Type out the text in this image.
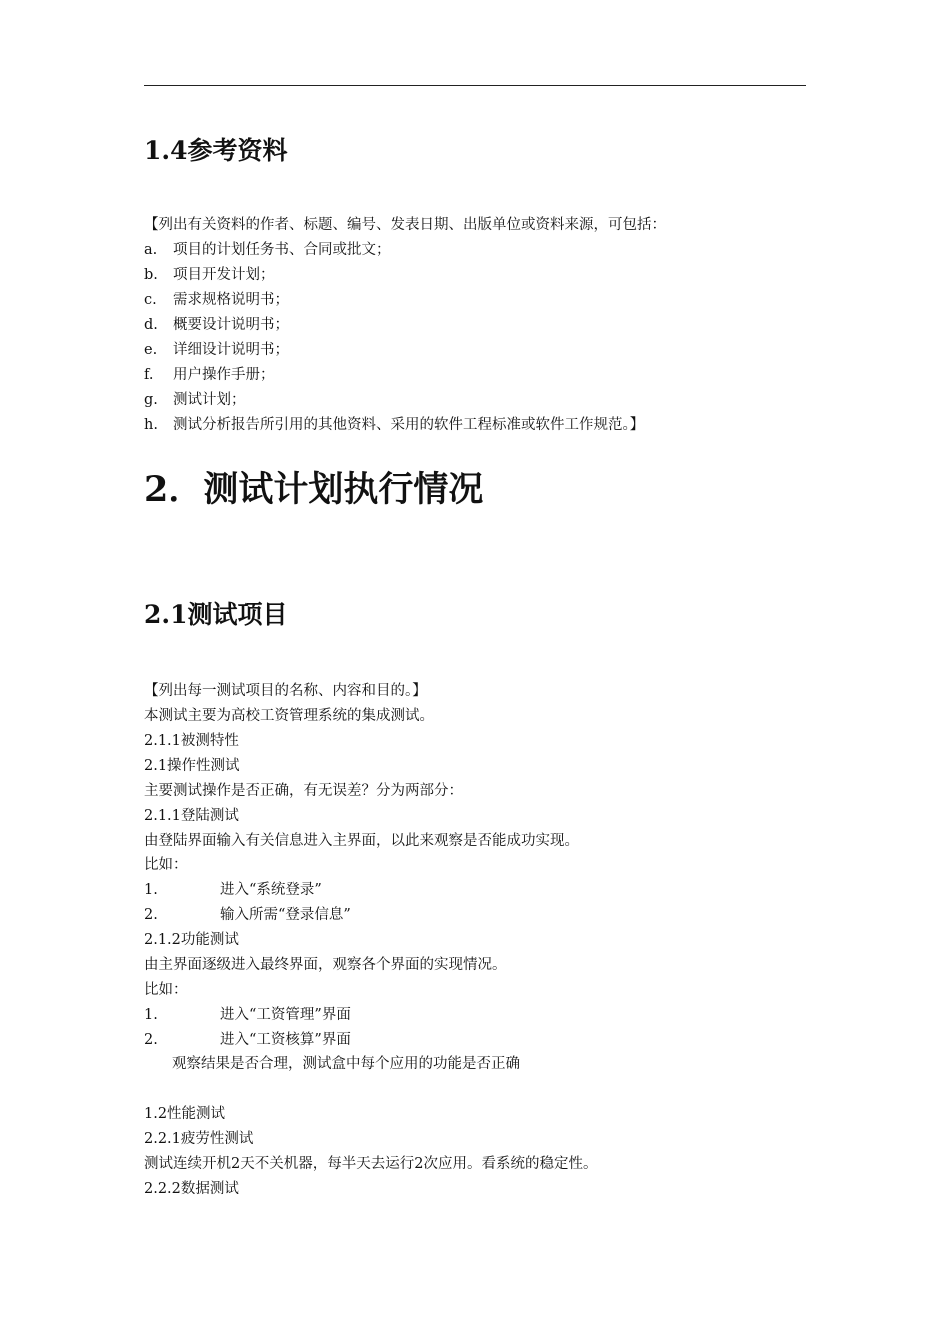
1.4参考资料
【列出有关资料的作者、标题、编号、发表日期、出版单位或资料来源，可包括：
a. 项目的计划任务书、合同或批文；
b. 项目开发计划；
c. 需求规格说明书；
d. 概要设计说明书；
e. 详细设计说明书；
f. 用户操作手册；
g. 测试计划；
h. 测试分析报告所引用的其他资料、采用的软件工程标准或软件工作规范。】
2．测试计划执行情况
2.1测试项目
【列出每一测试项目的名称、内容和目的。】
本测试主要为高校工资管理系统的集成测试。
2.1.1被测特性
2.1操作性测试
主要测试操作是否正确，有无误差？分为两部分：
2.1.1登陆测试
由登陆界面输入有关信息进入主界面，以此来观察是否能成功实现。
比如：
1.	进入“系统登录”
2.	输入所需“登录信息”
2.1.2功能测试
由主界面逐级进入最终界面，观察各个界面的实现情况。
比如：
1.	进入“工资管理”界面
2.	进入“工资核算”界面
观察结果是否合理，测试盒中每个应用的功能是否正确
1.2性能测试
2.2.1疲劳性测试
测试连续开机2天不关机器，每半天去运行2次应用。看系统的稳定性。
2.2.2数据测试
